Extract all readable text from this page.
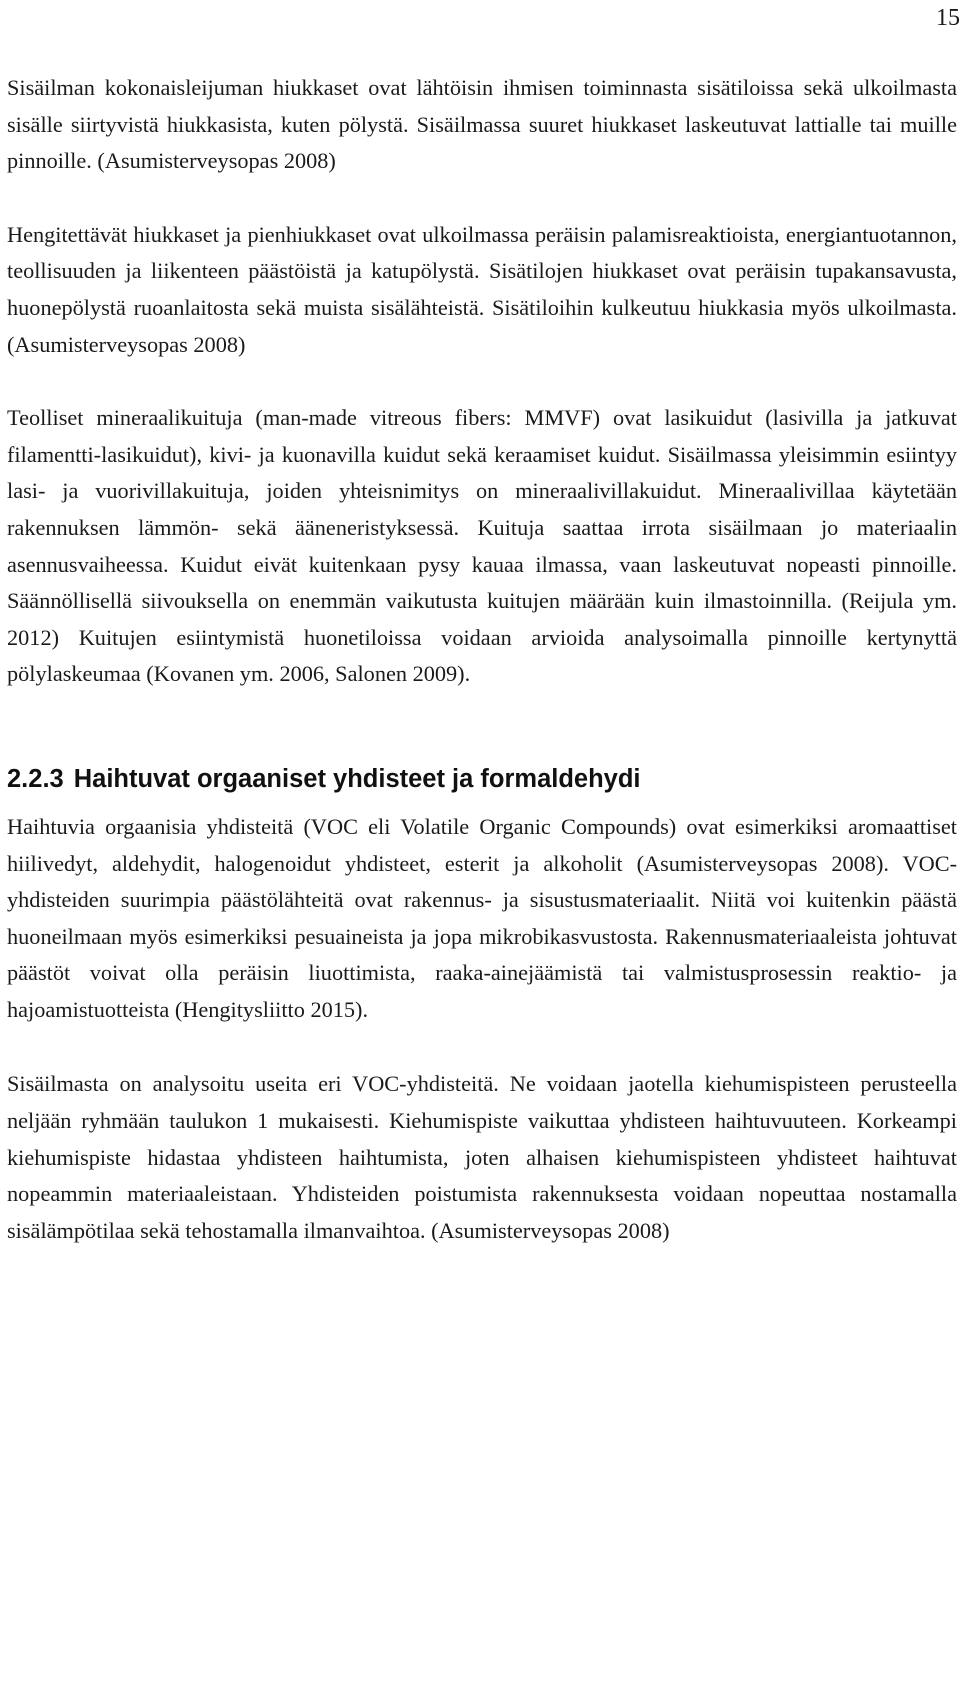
15

Sisäilman kokonaisleijuman hiukkaset ovat lähtöisin ihmisen toiminnasta sisätiloissa sekä ulkoilmasta sisälle siirtyvistä hiukkasista, kuten pölystä. Sisäilmassa suuret hiukkaset laskeutuvat lattialle tai muille pinnoille. (Asumisterveysopas 2008)

Hengitettävät hiukkaset ja pienhiukkaset ovat ulkoilmassa peräisin palamisreaktioista, energiantuotannon, teollisuuden ja liikenteen päästöistä ja katupölystä. Sisätilojen hiukkaset ovat peräisin tupakansavusta, huonepölystä ruoanlaitosta sekä muista sisälähteistä. Sisätiloihin kulkeutuu hiukkasia myös ulkoilmasta. (Asumisterveysopas 2008)

Teolliset mineraalikuituja (man-made vitreous fibers: MMVF) ovat lasikuidut (lasivilla ja jatkuvat filamentti-lasikuidut), kivi- ja kuonavilla kuidut sekä keraamiset kuidut. Sisäilmassa yleisimmin esiintyy lasi- ja vuorivillakuituja, joiden yhteisnimitys on mineraalivillakuidut. Mineraalivillaa käytetään rakennuksen lämmön- sekä ääneneristyksessä. Kuituja saattaa irrota sisäilmaan jo materiaalin asennusvaiheessa. Kuidut eivät kuitenkaan pysy kauaa ilmassa, vaan laskeutuvat nopeasti pinnoille. Säännöllisellä siivouksella on enemmän vaikutusta kuitujen määrään kuin ilmastoinnilla. (Reijula ym. 2012) Kuitujen esiintymistä huonetiloissa voidaan arvioida analysoimalla pinnoille kertynyttä pölylaskeumaa (Kovanen ym. 2006, Salonen 2009).

2.2.3 Haihtuvat orgaaniset yhdisteet ja formaldehydi

Haihtuvia orgaanisia yhdisteitä (VOC eli Volatile Organic Compounds) ovat esimerkiksi aromaattiset hiilivedyt, aldehydit, halogenoidut yhdisteet, esterit ja alkoholit (Asumisterveysopas 2008). VOC-yhdisteiden suurimpia päästölähteitä ovat rakennus- ja sisustusmateriaalit. Niitä voi kuitenkin päästä huoneilmaan myös esimerkiksi pesuaineista ja jopa mikrobikasvustosta. Rakennusmateriaaleista johtuvat päästöt voivat olla peräisin liuottimista, raaka-ainejäämistä tai valmistusprosessin reaktio- ja hajoamistuotteista (Hengitysliitto 2015).

Sisäilmasta on analysoitu useita eri VOC-yhdisteitä. Ne voidaan jaotella kiehumispisteen perusteella neljään ryhmään taulukon 1 mukaisesti. Kiehumispiste vaikuttaa yhdisteen haihtuvuuteen. Korkeampi kiehumispiste hidastaa yhdisteen haihtumista, joten alhaisen kiehumispisteen yhdisteet haihtuvat nopeammin materiaaleistaan. Yhdisteiden poistumista rakennuksesta voidaan nopeuttaa nostamalla sisälämpötilaa sekä tehostamalla ilmanvaihtoa. (Asumisterveysopas 2008)
